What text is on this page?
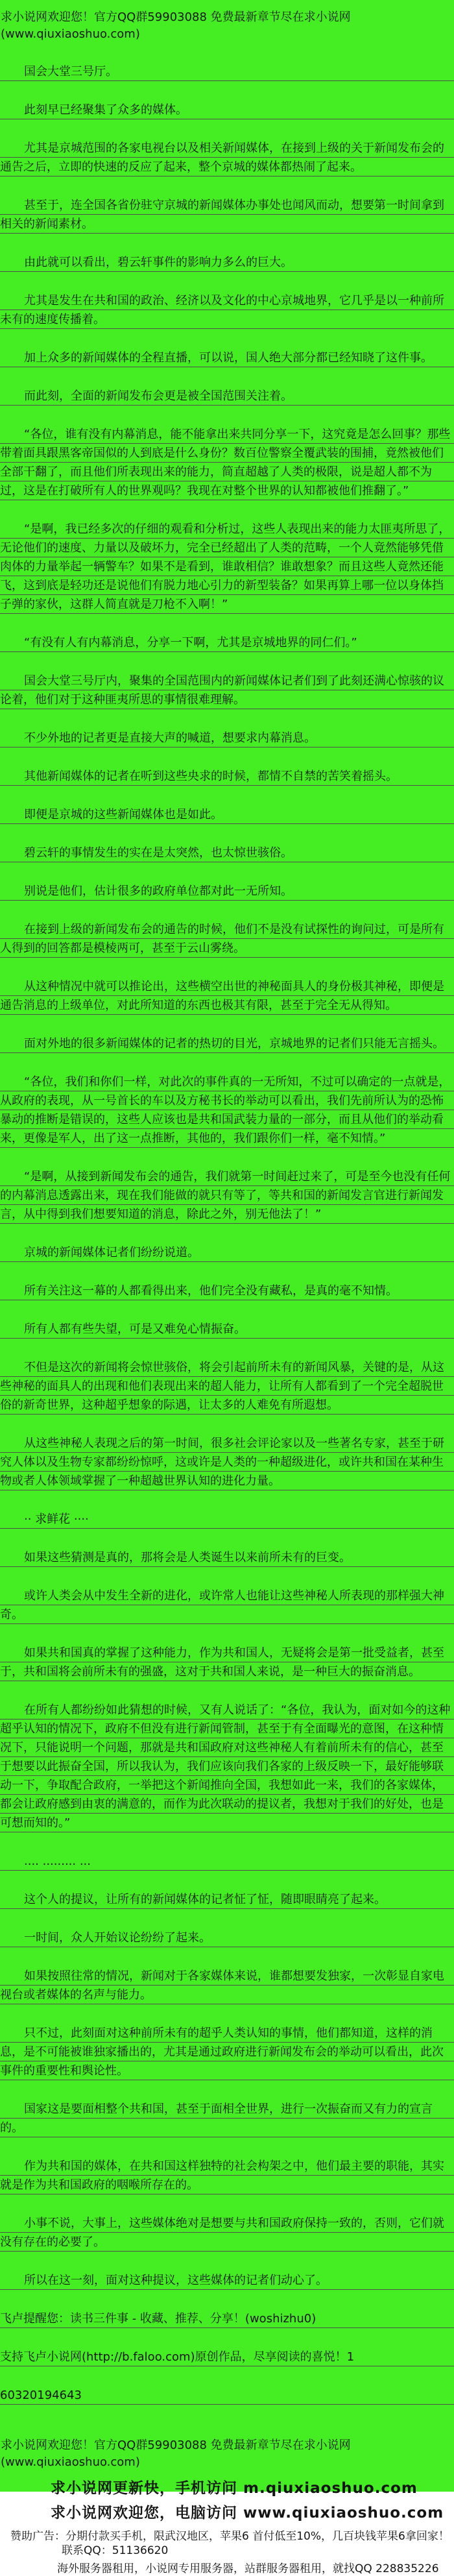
求小说网欢迎您！官方QQ群59903088 免费最新章节尽在求小说网(www.qiuxiaoshuo.com)

国会大堂三号厅。

此刻早已经聚集了众多的媒体。

尤其是京城范围的各家电视台以及相关新闻媒体，在接到上级的关于新闻发布会的通告之后，立即的快速的反应了起来，整个京城的媒体都热闹了起来。

甚至于，连全国各省份驻守京城的新闻媒体办事处也闻风而动，想要第一时间拿到相关的新闻素材。

由此就可以看出，碧云轩事件的影响力多么的巨大。

尤其是发生在共和国的政治、经济以及文化的中心京城地界，它几乎是以一种前所未有的速度传播着。

加上众多的新闻媒体的全程直播，可以说，国人绝大部分都已经知晓了这件事。

而此刻，全面的新闻发布会更是被全国范围关注着。

“各位，谁有没有内幕消息，能不能拿出来共同分享一下，这究竟是怎么回事？那些带着面具跟黑客帝国似的人到底是什么身份？数百位警察全覆武装的围捕，竟然被他们全部干翻了，而且他们所表现出来的能力，简直超越了人类的极限，说是超人都不为过，这是在打破所有人的世界观吗？我现在对整个世界的认知都被他们推翻了。”

“是啊，我已经多次的仔细的观看和分析过，这些人表现出来的能力太匪夷所思了，无论他们的速度、力量以及破坏力，完全已经超出了人类的范畴，一个人竟然能够凭借肉体的力量举起一辆警车？如果不是看到，谁敢相信？谁敢想象？而且这些人竟然还能飞，这到底是轻功还是说他们有脱力地心引力的新型装备？如果再算上哪一位以身体挡子弹的家伙，这群人简直就是刀枪不入啊！”

“有没有人有内幕消息，分享一下啊，尤其是京城地界的同仁们。”

国会大堂三号厅内，聚集的全国范围内的新闻媒体记者们到了此刻还满心惊骇的议论着，他们对于这种匪夷所思的事情很难理解。

不少外地的记者更是直接大声的喊道，想要求内幕消息。

其他新闻媒体的记者在听到这些央求的时候，都情不自禁的苦笑着摇头。

即便是京城的这些新闻媒体也是如此。

碧云轩的事情发生的实在是太突然，也太惊世骇俗。

别说是他们，估计很多的政府单位都对此一无所知。

在接到上级的新闻发布会的通告的时候，他们不是没有试探性的询问过，可是所有人得到的回答都是模棱两可，甚至于云山雾绕。

从这种情况中就可以推论出，这些横空出世的神秘面具人的身份极其神秘，即便是通告消息的上级单位，对此所知道的东西也极其有限，甚至于完全无从得知。

面对外地的很多新闻媒体的记者的热切的目光，京城地界的记者们只能无言摇头。

“各位，我们和你们一样，对此次的事件真的一无所知，不过可以确定的一点就是，从政府的表现，从一号首长的车以及方秘书长的举动可以看出，我们先前所认为的恐怖暴动的推断是错误的，这些人应该也是共和国武装力量的一部分，而且从他们的举动看来，更像是军人，出了这一点推断，其他的，我们跟你们一样，毫不知情。”

“是啊，从接到新闻发布会的通告，我们就第一时间赶过来了，可是至今也没有任何的内幕消息透露出来，现在我们能做的就只有等了，等共和国的新闻发言官进行新闻发言，从中得到我们想要知道的消息，除此之外，别无他法了！”

京城的新闻媒体记者们纷纷说道。

所有关注这一幕的人都看得出来，他们完全没有藏私，是真的毫不知情。

所有人都有些失望，可是又难免心情振奋。

不但是这次的新闻将会惊世骇俗，将会引起前所未有的新闻风暴，关键的是，从这些神秘的面具人的出现和他们表现出来的超人能力，让所有人都看到了一个完全超脱世俗的新奇世界，这种超乎想象的际遇，让太多的人难免有所遐想。

从这些神秘人表现之后的第一时间，很多社会评论家以及一些著名专家，甚至于研究人体以及生物专家都纷纷惊呼，这或许是人类的一种超级进化，或许共和国在某种生物或者人体领域掌握了一种超越世界认知的进化力量。

·· 求鲜花 ····

如果这些猜测是真的，那将会是人类诞生以来前所未有的巨变。

或许人类会从中发生全新的进化，或许常人也能让这些神秘人所表现的那样强大神奇。

如果共和国真的掌握了这种能力，作为共和国人，无疑将会是第一批受益者，甚至于，共和国将会前所未有的强盛，这对于共和国人来说，是一种巨大的振奋消息。

在所有人都纷纷如此猜想的时候，又有人说话了：“各位，我认为，面对如今的这种超乎认知的情况下，政府不但没有进行新闻管制，甚至于有全面曝光的意图，在这种情况下，只能说明一个问题，那就是共和国政府对这些神秘人有着前所未有的信心，甚至于想要以此振奋全国，所以我认为，我们应该向我们各家的上级反映一下，最好能够联动一下，争取配合政府，一举把这个新闻推向全国，我想如此一来，我们的各家媒体，都会让政府感到由衷的满意的，而作为此次联动的提议者，我想对于我们的好处，也是可想而知的。”

.... ......... ...

这个人的提议，让所有的新闻媒体的记者怔了怔，随即眼睛亮了起来。

一时间，众人开始议论纷纷了起来。

如果按照往常的情况，新闻对于各家媒体来说，谁都想要发独家，一次彰显自家电视台或者媒体的名声与能力。

只不过，此刻面对这种前所未有的超乎人类认知的事情，他们都知道，这样的消息，是不可能被谁独家播出的，尤其是通过政府进行新闻发布会的举动可以看出，此次事件的重要性和舆论性。

国家这是要面相整个共和国，甚至于面相全世界，进行一次振奋而又有力的宣言的。

作为共和国的媒体，在共和国这样独特的社会构架之中，他们最主要的职能，其实就是作为共和国政府的咽喉所存在的。

小事不说，大事上，这些媒体绝对是想要与共和国政府保持一致的，否则，它们就没有存在的必要了。

所以在这一刻，面对这种提议，这些媒体的记者们动心了。

飞卢提醒您：读书三件事 - 收藏、推荐、分享！(woshizhu0)

支持飞卢小说网(http://b.faloo.com)原创作品，尽享阅读的喜悦！1

60320194643

求小说网欢迎您！官方QQ群59903088 免费最新章节尽在求小说网(www.qiuxiaoshuo.com)
求小说网更新快，手机访问 m.qiuxiaoshuo.com
求小说网欢迎您，电脑访问 www.qiuxiaoshuo.com
赞助广告：分期付款买手机，限武汉地区，苹果6 首付低至10%，几百块钱苹果6拿回家！
联系QQ：51136620
海外服务器租用，小说网专用服务器，站群服务器租用，就找QQ 228835226
